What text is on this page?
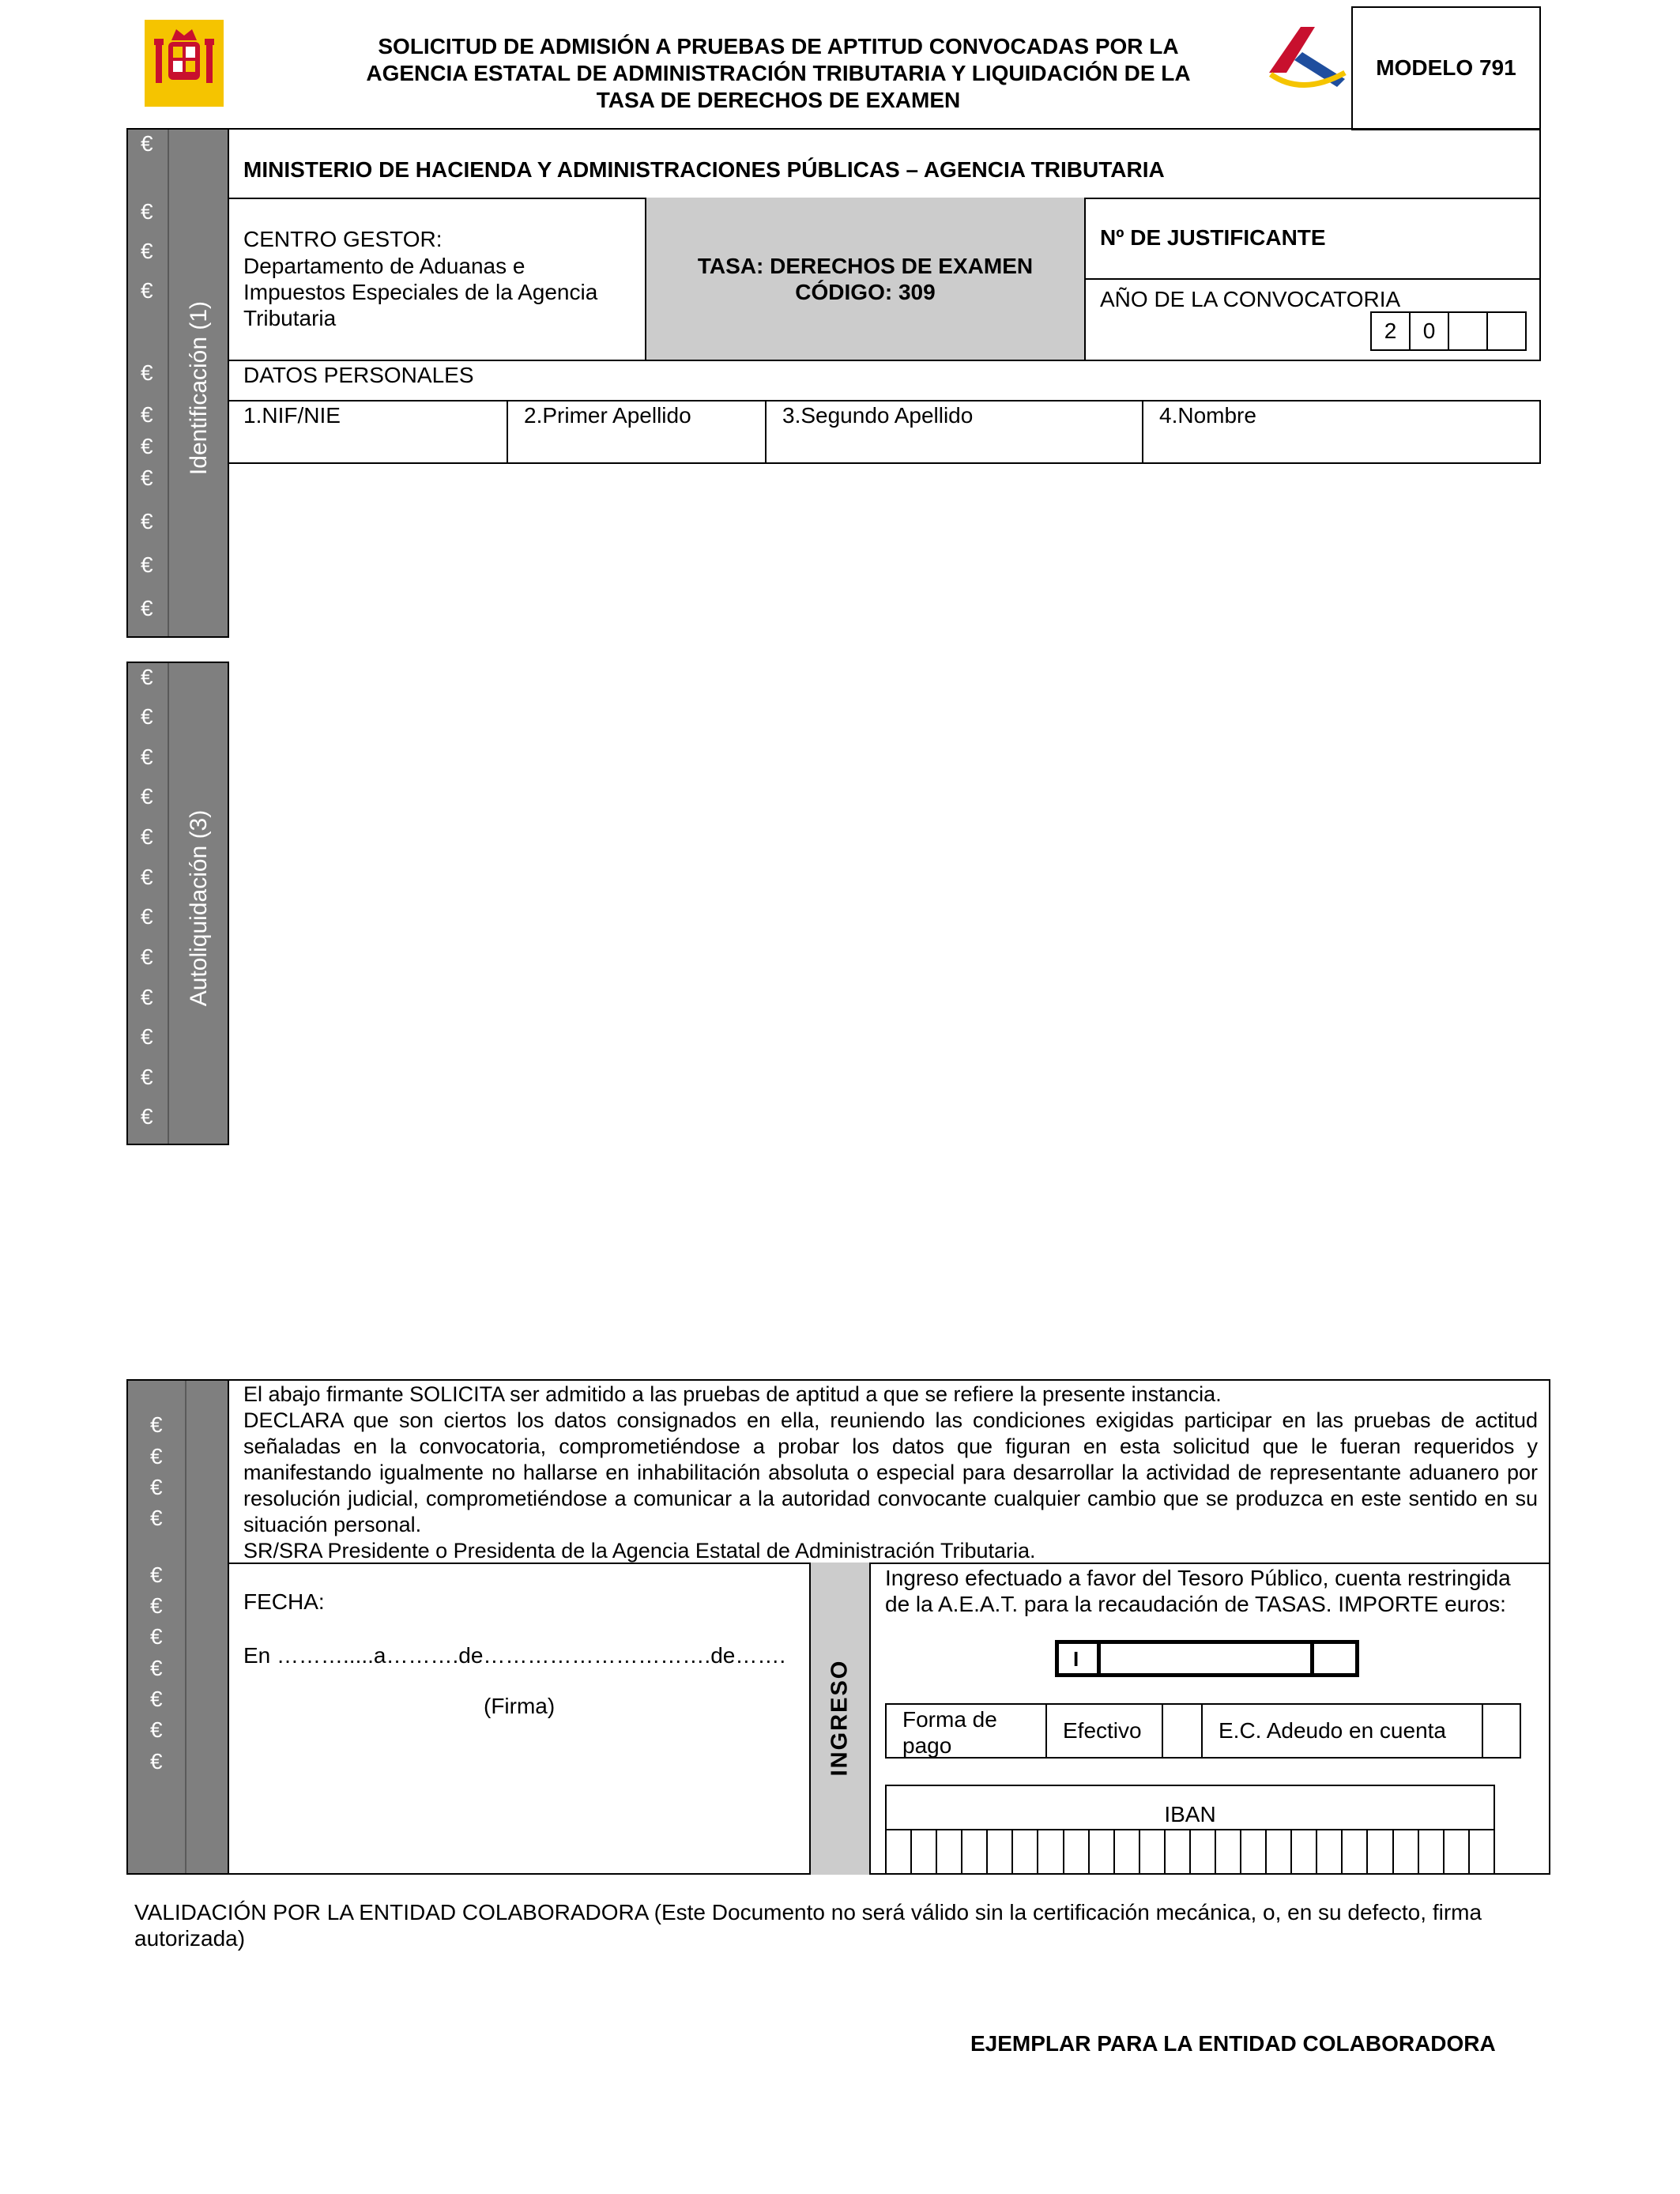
SOLICITUD DE ADMISIÓN A PRUEBAS DE APTITUD CONVOCADAS POR LA
AGENCIA ESTATAL DE ADMINISTRACIÓN TRIBUTARIA Y LIQUIDACIÓN DE LA
TASA DE DERECHOS DE EXAMEN
MODELO 791
€
€
€
€
€
€
€
€
€
€
€
Identificación (1)
MINISTERIO DE HACIENDA Y ADMINISTRACIONES PÚBLICAS – AGENCIA TRIBUTARIA
CENTRO GESTOR:
Departamento de Aduanas e
Impuestos Especiales de la Agencia
Tributaria
TASA: DERECHOS DE EXAMEN
CÓDIGO: 309
Nº DE JUSTIFICANTE
AÑO DE LA CONVOCATORIA
2	0
DATOS PERSONALES
1.NIF/NIE	2.Primer Apellido	3.Segundo Apellido	4.Nombre
€
€
€
€
€
€
€
€
€
€
€
€
Autoliquidación (3)
€
€
€
€
€
€
€
€
€
€
€
El abajo firmante SOLICITA ser admitido a las pruebas de aptitud a que se refiere la presente instancia.
DECLARA que son ciertos los datos consignados en ella, reuniendo las condiciones exigidas participar en las pruebas de actitud señaladas en la convocatoria, comprometiéndose a probar los datos que figuran en esta solicitud que le fueran requeridos y manifestando igualmente no hallarse en inhabilitación absoluta o especial para desarrollar la actividad de representante aduanero por resolución judicial, comprometiéndose a comunicar a la autoridad convocante cualquier cambio que se produzca en este sentido en su situación personal.
SR/SRA Presidente o Presidenta de la Agencia Estatal de Administración Tributaria.
FECHA:
En ……….....a……….de………………………….de…….
(Firma)	INGRESO
Ingreso efectuado a favor del Tesoro Público, cuenta restringida
de la A.E.A.T. para la recaudación de TASAS. IMPORTE euros:
I
Forma de pago
Efectivo	E.C. Adeudo en cuenta
IBAN
VALIDACIÓN POR LA ENTIDAD COLABORADORA (Este Documento no será válido sin la certificación mecánica, o, en su defecto, firma autorizada)
EJEMPLAR PARA LA ENTIDAD COLABORADORA
